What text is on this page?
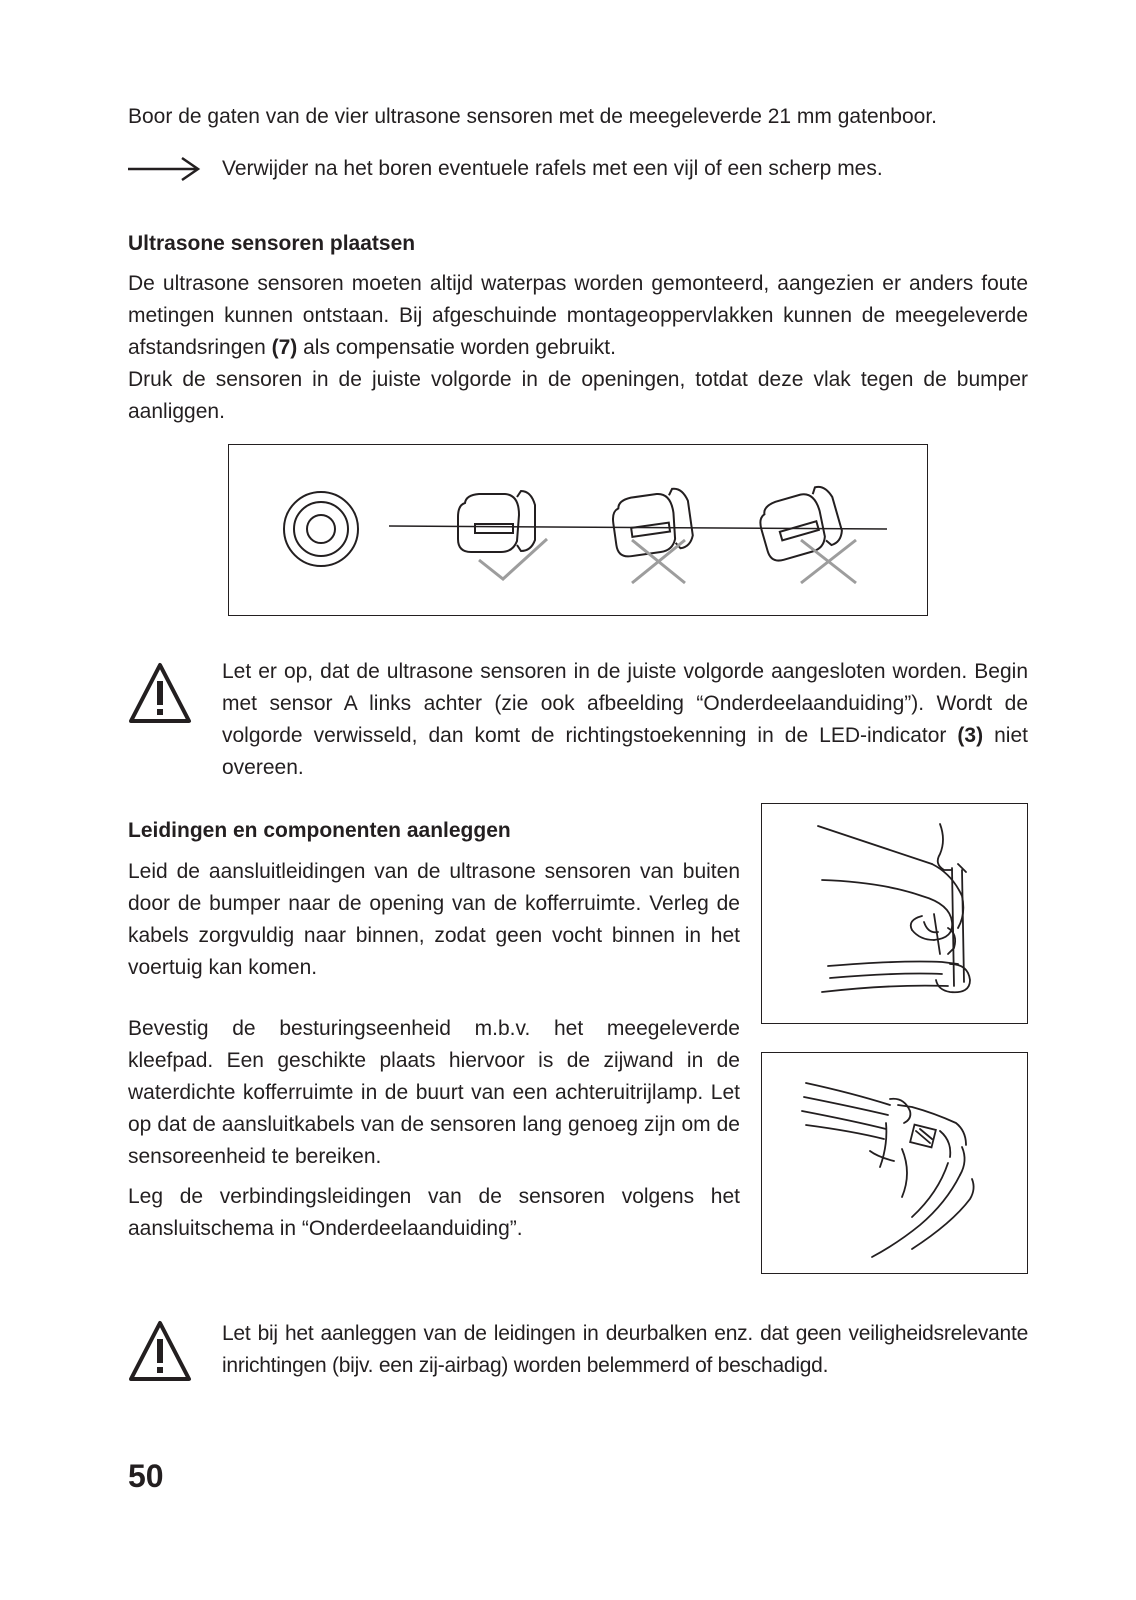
Boor de gaten van de vier ultrasone sensoren met de meegeleverde 21 mm gatenboor.

Verwijder na het boren eventuele rafels met een vijl of een scherp mes.

Ultrasone sensoren plaatsen

De ultrasone sensoren moeten altijd waterpas worden gemonteerd, aangezien er anders foute metingen kunnen ontstaan. Bij afgeschuinde montageoppervlakken kunnen de meegeleverde afstandsringen (7) als compensatie worden gebruikt.

Druk de sensoren in de juiste volgorde in de openingen, totdat deze vlak tegen de bumper aanliggen.

Let er op, dat de ultrasone sensoren in de juiste volgorde aangesloten worden. Begin met sensor A links achter (zie ook afbeelding “Onderdeelaanduiding”). Wordt de volgorde verwisseld, dan komt de richtingstoekenning in de LED-indicator (3) niet overeen.

Leidingen en componenten aanleggen

Leid de aansluitleidingen van de ultrasone sensoren van buiten door de bumper naar de opening van de kofferruimte. Verleg de kabels zorgvuldig naar binnen, zodat geen vocht binnen in het voertuig kan komen.

Bevestig de besturingseenheid m.b.v. het meegeleverde kleefpad. Een geschikte plaats hiervoor is de zijwand in de waterdichte kofferruimte in de buurt van een achteruitrijlamp. Let op dat de aansluitkabels van de sensoren lang genoeg zijn om de sensoreenheid te bereiken.

Leg de verbindingsleidingen van de sensoren volgens het aansluitschema in “Onderdeelaanduiding”.

Let bij het aanleggen van de leidingen in deurbalken enz. dat geen veiligheidsrelevante inrichtingen (bijv. een zij-airbag) worden belemmerd of beschadigd.

50
